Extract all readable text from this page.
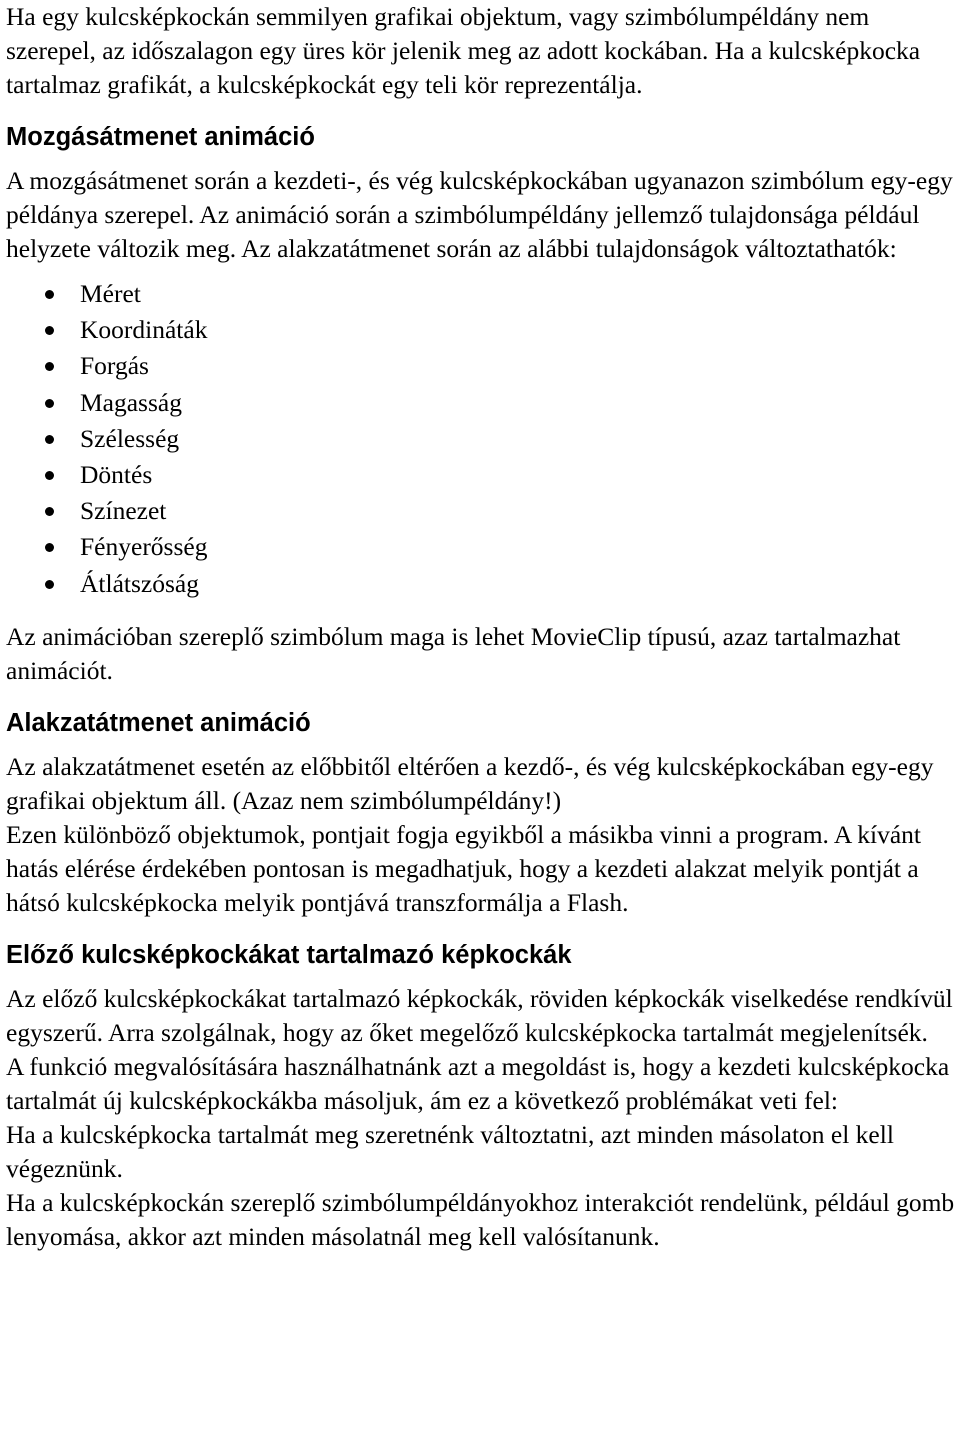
Ha egy kulcsképkockán semmilyen grafikai objektum, vagy szimbólumpéldány nem szerepel, az időszalagon egy üres kör jelenik meg az adott kockában. Ha a kulcsképkocka tartalmaz grafikát, a kulcsképkockát egy teli kör reprezentálja.

Mozgásátmenet animáció

A mozgásátmenet során a kezdeti-, és vég kulcsképkockában ugyanazon szimbólum egy-egy példánya szerepel. Az animáció során a szimbólumpéldány jellemző tulajdonsága például helyzete változik meg. Az alakzatátmenet során az alábbi tulajdonságok változtathatók:

Méret
Koordináták
Forgás
Magasság
Szélesség
Döntés
Színezet
Fényerősség
Átlátszóság

Az animációban szereplő szimbólum maga is lehet MovieClip típusú, azaz tartalmazhat animációt.

Alakzatátmenet animáció

Az alakzatátmenet esetén az előbbitől eltérően a kezdő-, és vég kulcsképkockában egy-egy grafikai objektum áll. (Azaz nem szimbólumpéldány!)

Ezen különböző objektumok, pontjait fogja egyikből a másikba vinni a program. A kívánt hatás elérése érdekében pontosan is megadhatjuk, hogy a kezdeti alakzat melyik pontját a hátsó kulcsképkocka melyik pontjává transzformálja a Flash.

Előző kulcsképkockákat tartalmazó képkockák

Az előző kulcsképkockákat tartalmazó képkockák, röviden képkockák viselkedése rendkívül egyszerű. Arra szolgálnak, hogy az őket megelőző kulcsképkocka tartalmát megjelenítsék.

A funkció megvalósítására használhatnánk azt a megoldást is, hogy a kezdeti kulcsképkocka tartalmát új kulcsképkockákba másoljuk, ám ez a következő problémákat veti fel:

Ha a kulcsképkocka tartalmát meg szeretnénk változtatni, azt minden másolaton el kell végeznünk.

Ha a kulcsképkockán szereplő szimbólumpéldányokhoz interakciót rendelünk, például gomb lenyomása, akkor azt minden másolatnál meg kell valósítanunk.
